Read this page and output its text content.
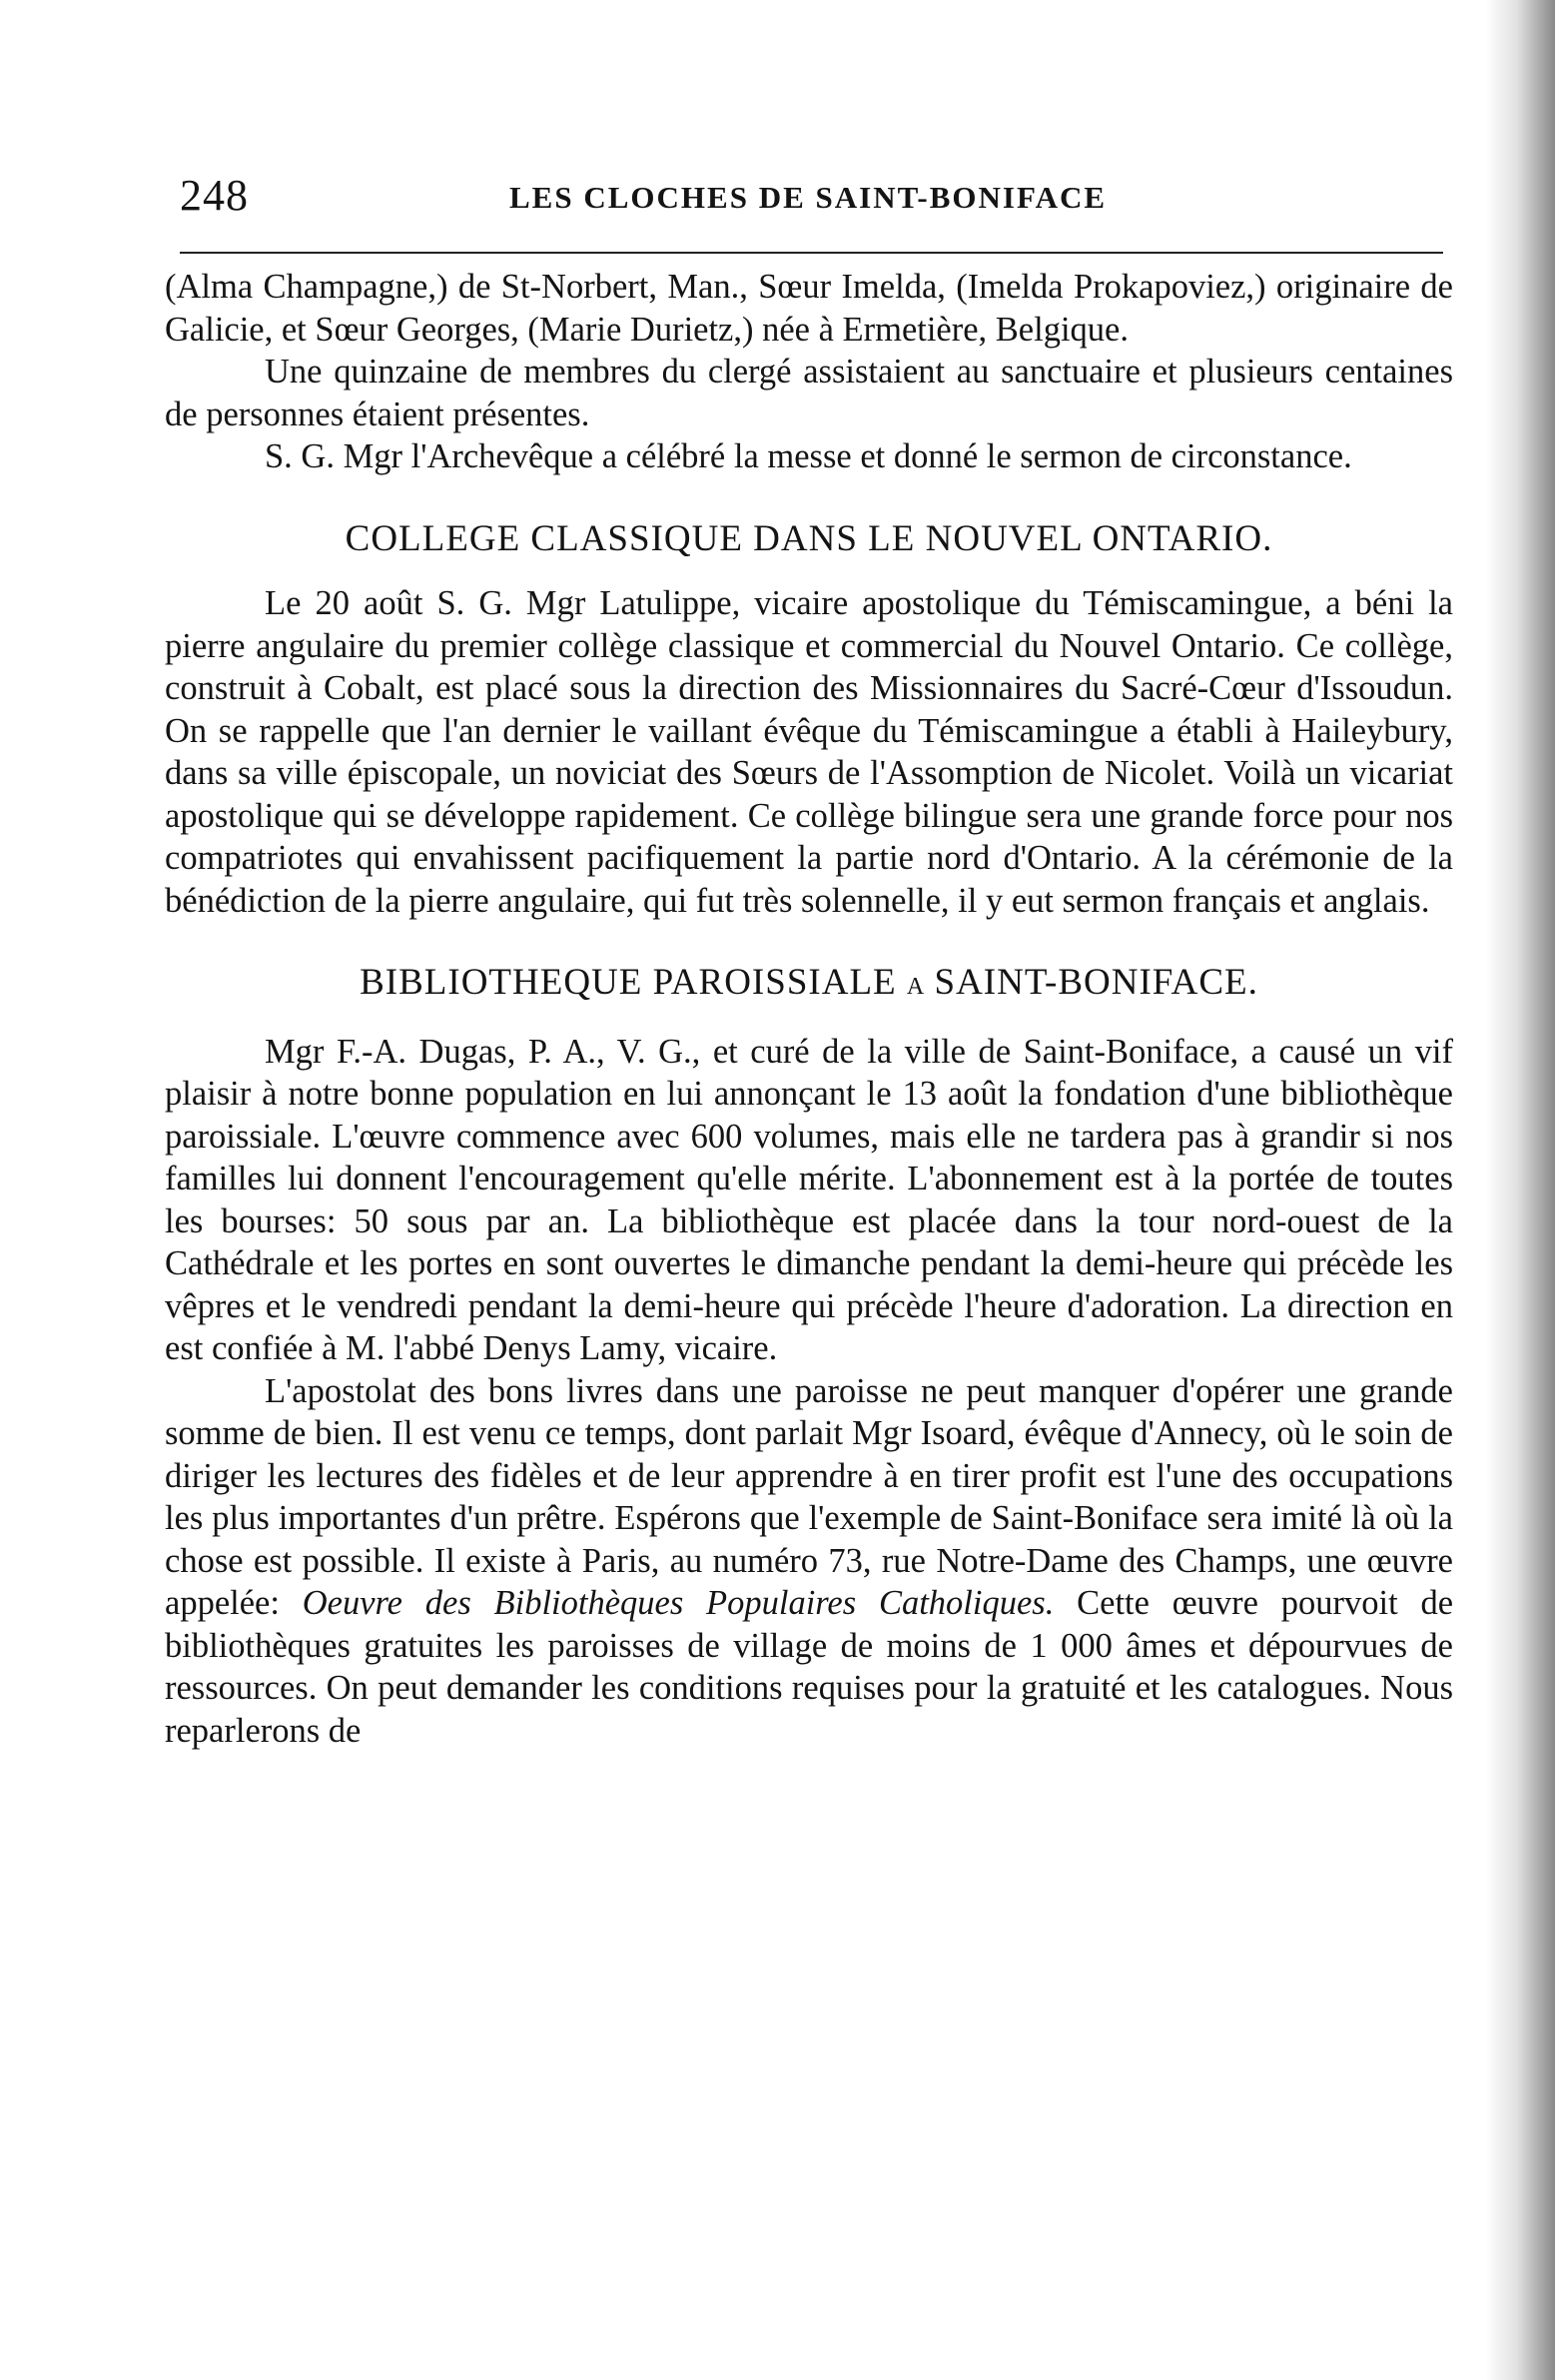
248	LES CLOCHES DE SAINT-BONIFACE

(Alma Champagne,) de St-Norbert, Man., Sœur Imelda, (Imelda Prokapoviez,) originaire de Galicie, et Sœur Georges, (Marie Durietz,) née à Ermetière, Belgique.

Une quinzaine de membres du clergé assistaient au sanctuaire et plusieurs centaines de personnes étaient présentes.

S. G. Mgr l'Archevêque a célébré la messe et donné le sermon de circonstance.

COLLEGE CLASSIQUE DANS LE NOUVEL ONTARIO.

Le 20 août S. G. Mgr Latulippe, vicaire apostolique du Témiscamingue, a béni la pierre angulaire du premier collège classique et commercial du Nouvel Ontario. Ce collège, construit à Cobalt, est placé sous la direction des Missionnaires du Sacré-Cœur d'Issoudun. On se rappelle que l'an dernier le vaillant évêque du Témiscamingue a établi à Haileybury, dans sa ville épiscopale, un noviciat des Sœurs de l'Assomption de Nicolet. Voilà un vicariat apostolique qui se développe rapidement. Ce collège bilingue sera une grande force pour nos compatriotes qui envahissent pacifiquement la partie nord d'Ontario. A la cérémonie de la bénédiction de la pierre angulaire, qui fut très solennelle, il y eut sermon français et anglais.

BIBLIOTHEQUE PAROISSIALE A SAINT-BONIFACE.

Mgr F.-A. Dugas, P. A., V. G., et curé de la ville de Saint-Boniface, a causé un vif plaisir à notre bonne population en lui annonçant le 13 août la fondation d'une bibliothèque paroissiale. L'œuvre commence avec 600 volumes, mais elle ne tardera pas à grandir si nos familles lui donnent l'encouragement qu'elle mérite. L'abonnement est à la portée de toutes les bourses: 50 sous par an. La bibliothèque est placée dans la tour nord-ouest de la Cathédrale et les portes en sont ouvertes le dimanche pendant la demi-heure qui précède les vêpres et le vendredi pendant la demi-heure qui précède l'heure d'adoration. La direction en est confiée à M. l'abbé Denys Lamy, vicaire.

L'apostolat des bons livres dans une paroisse ne peut manquer d'opérer une grande somme de bien. Il est venu ce temps, dont parlait Mgr Isoard, évêque d'Annecy, où le soin de diriger les lectures des fidèles et de leur apprendre à en tirer profit est l'une des occupations les plus importantes d'un prêtre. Espérons que l'exemple de Saint-Boniface sera imité là où la chose est possible. Il existe à Paris, au numéro 73, rue Notre-Dame des Champs, une œuvre appelée: Oeuvre des Bibliothèques Populaires Catholiques. Cette œuvre pourvoit de bibliothèques gratuites les paroisses de village de moins de 1 000 âmes et dépourvues de ressources. On peut demander les conditions requises pour la gratuité et les catalogues. Nous reparlerons de
